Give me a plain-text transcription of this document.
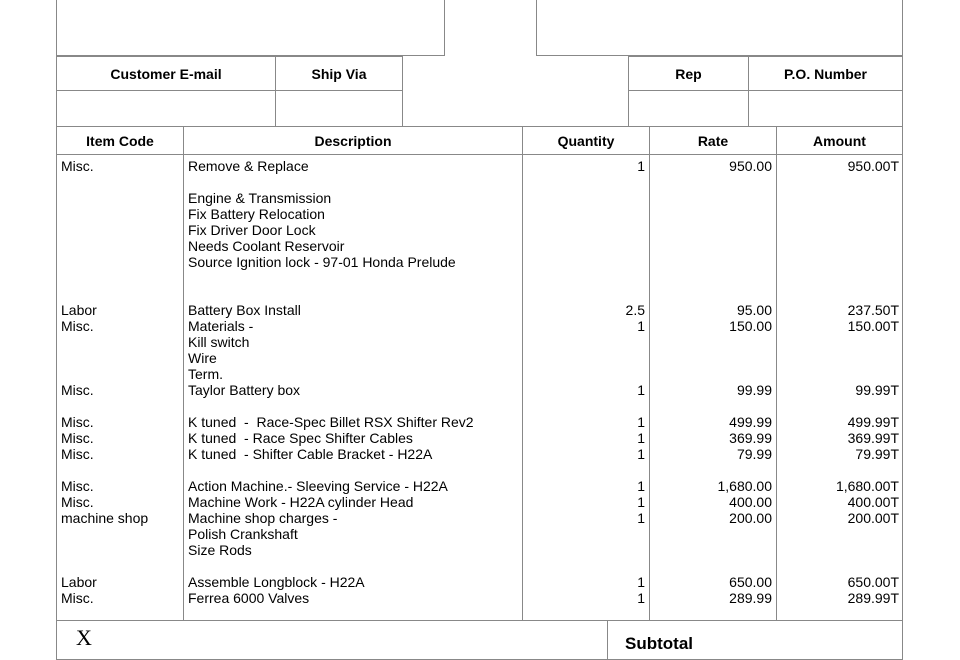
Customer E-mail	Ship Via	Rep	P.O. Number
Item Code	Description	Quantity	Rate	Amount
Misc.	Remove & Replace	1	950.00	950.00T
Engine & Transmission
Fix Battery Relocation
Fix Driver Door Lock
Needs Coolant Reservoir
Source Ignition lock - 97-01 Honda Prelude
Labor	Battery Box Install	2.5	95.00	237.50T
Misc.	Materials -	1	150.00	150.00T
Kill switch
Wire
Term.
Misc.	Taylor Battery box	1	99.99	99.99T
Misc.	K tuned  -  Race-Spec Billet RSX Shifter Rev2	1	499.99	499.99T
Misc.	K tuned  - Race Spec Shifter Cables	1	369.99	369.99T
Misc.	K tuned  - Shifter Cable Bracket - H22A	1	79.99	79.99T
Misc.	Action Machine.- Sleeving Service - H22A	1	1,680.00	1,680.00T
Misc.	Machine Work - H22A cylinder Head	1	400.00	400.00T
machine shop	Machine shop charges -	1	200.00	200.00T
Polish Crankshaft
Size Rods
Labor	Assemble Longblock - H22A	1	650.00	650.00T
Misc.	Ferrea 6000 Valves	1	289.99	289.99T
X	Subtotal
